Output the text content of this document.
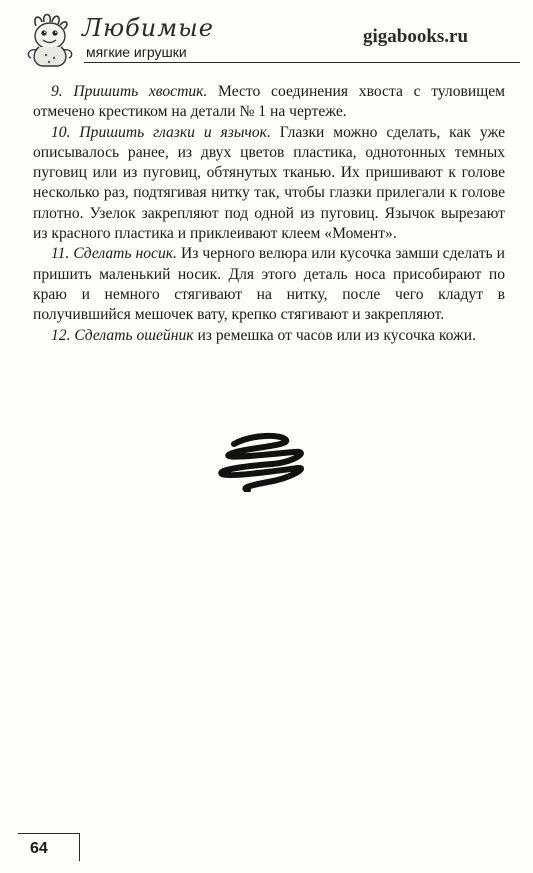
Любимые
мягкие игрушки
gigabooks.ru

9. Пришить хвостик. Место соединения хвоста с туловищем отмечено крестиком на детали № 1 на чертеже.

10. Пришить глазки и язычок. Глазки можно сделать, как уже описывалось ранее, из двух цветов пластика, однотонных темных пуговиц или из пуговиц, обтянутых тканью. Их пришивают к голове несколько раз, подтягивая нитку так, чтобы глазки прилегали к голове плотно. Узелок закрепляют под одной из пуговиц. Язычок вырезают из красного пластика и приклеивают клеем «Момент».

11. Сделать носик. Из черного велюра или кусочка замши сделать и пришить маленький носик. Для этого деталь носа присобирают по краю и немного стягивают на нитку, после чего кладут в получившийся мешочек вату, крепко стягивают и закрепляют.

12. Сделать ошейник из ремешка от часов или из кусочка кожи.

64
